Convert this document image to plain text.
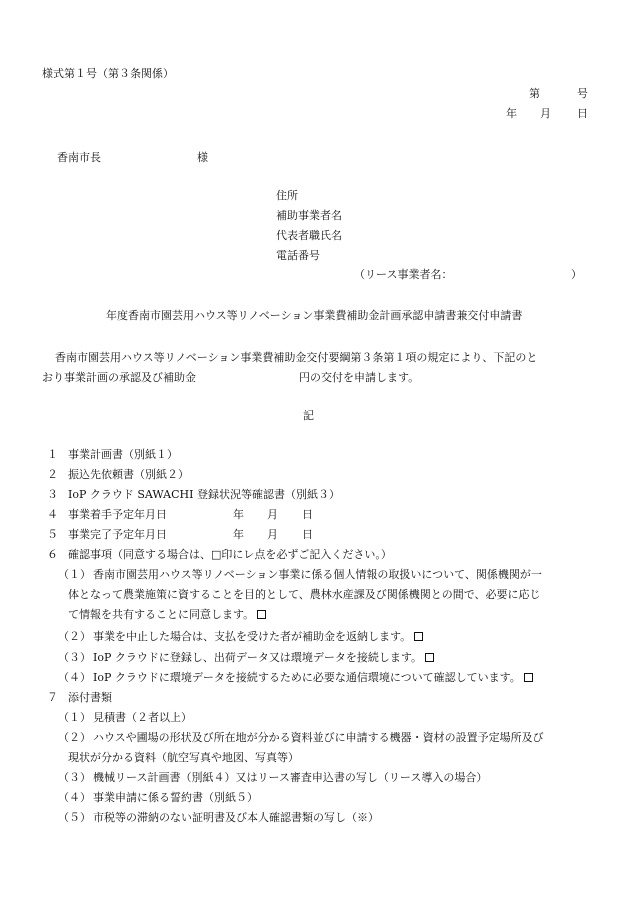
様式第１号（第３条関係）
第	号
年 月 日
香南市長	様
住所
補助事業者名
代表者職氏名
電話番号
（リース事業者名：	）
年度香南市園芸用ハウス等リノベーション事業費補助金計画承認申請書兼交付申請書
香南市園芸用ハウス等リノベーション事業費補助金交付要綱第３条第１項の規定により、下記のと
おり事業計画の承認及び補助金	円の交付を申請します。
記
１ 事業計画書（別紙１）
２ 振込先依頼書（別紙２）
３ IoP クラウド SAWACHI 登録状況等確認書（別紙３）
４ 事業着手予定年月日	年 月 日
５ 事業完了予定年月日	年 月 日
６ 確認事項（同意する場合は、□印にレ点を必ずご記入ください。）
（１） 香南市園芸用ハウス等リノベーション事業に係る個人情報の取扱いについて、関係機関が一
体となって農業施策に資することを目的として、農林水産課及び関係機関との間で、必要に応じ
て情報を共有することに同意します。
（２） 事業を中止した場合は、支払を受けた者が補助金を返納します。
（３） IoP クラウドに登録し、出荷データ又は環境データを接続します。
（４） IoP クラウドに環境データを接続するために必要な通信環境について確認しています。
７ 添付書類
（１） 見積書（２者以上）
（２） ハウスや圃場の形状及び所在地が分かる資料並びに申請する機器・資材の設置予定場所及び
現状が分かる資料（航空写真や地図、写真等）
（３） 機械リース計画書（別紙４）又はリース審査申込書の写し（リース導入の場合）
（４） 事業申請に係る誓約書（別紙５）
（５） 市税等の滞納のない証明書及び本人確認書類の写し（※）
